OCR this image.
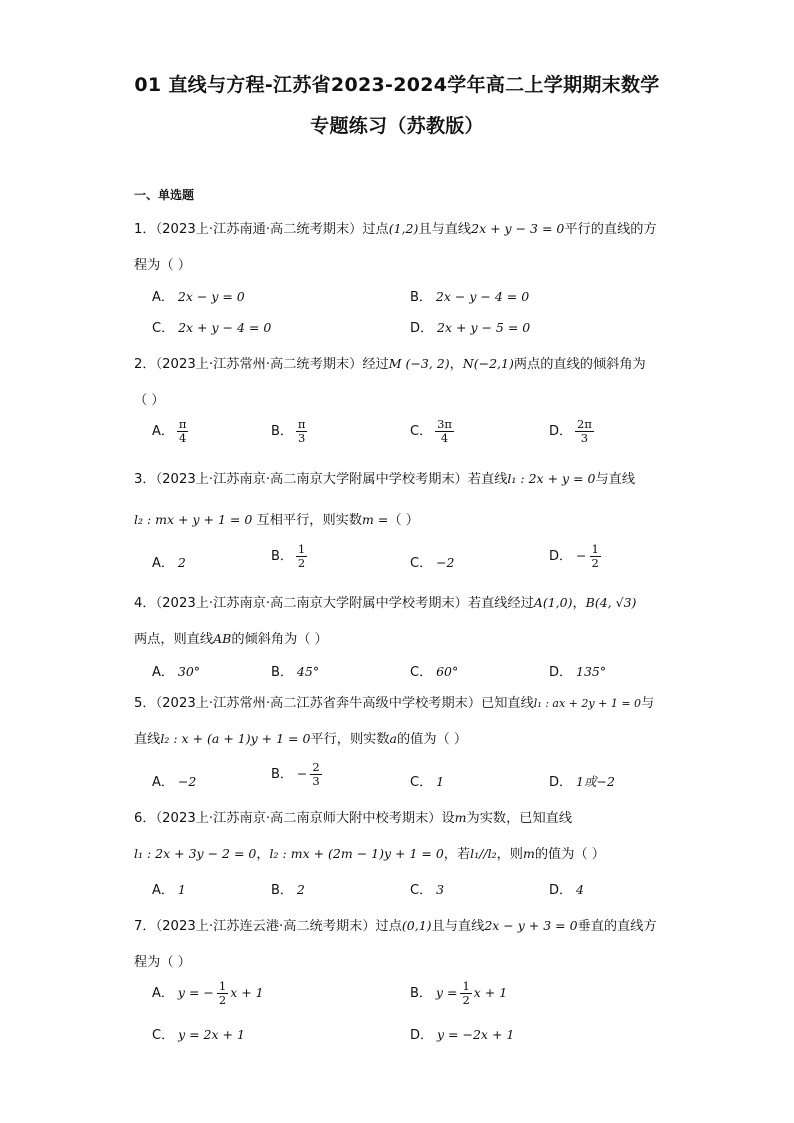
01 直线与方程-江苏省2023-2024学年高二上学期期末数学
专题练习（苏教版）
一、单选题
1．（2023上·江苏南通·高二统考期末）过点(1,2)且与直线2x + y − 3 = 0平行的直线的方
程为（ ）
A． 2x − y = 0	B． 2x − y − 4 = 0
C． 2x + y − 4 = 0	D． 2x + y − 5 = 0
2．（2023上·江苏常州·高二统考期末）经过M (−3, 2)，N(−2,1)两点的直线的倾斜角为
（ ）
A． $\frac{\pi}{4}$	B． $\frac{\pi}{3}$	C． $\frac{3\pi}{4}$	D． $\frac{2\pi}{3}$
3．（2023上·江苏南京·高二南京大学附属中学校考期末）若直线l₁ : 2x + y = 0与直线
l₂ : mx + y + 1 = 0 互相平行，则实数m =（ ）
A． 2	B． $\frac{1}{2}$	C． −2	D． − $\frac{1}{2}$
4．（2023上·江苏南京·高二南京大学附属中学校考期末）若直线经过A(1,0)，B(4, √3)
两点，则直线AB的倾斜角为（ ）
A． 30°	B． 45°	C． 60°	D． 135°
5．（2023上·江苏常州·高二江苏省奔牛高级中学校考期末）已知直线l₁ : ax + 2y + 1 = 0与
直线l₂ : x + (a + 1)y + 1 = 0平行，则实数a的值为（ ）
A． −2	B． − $\frac{2}{3}$	C． 1	D． 1或−2
6．（2023上·江苏南京·高二南京师大附中校考期末）设m为实数，已知直线
l₁ : 2x + 3y − 2 = 0，l₂ : mx + (2m − 1)y + 1 = 0，若l₁//l₂，则m的值为（ ）
A． 1	B． 2	C． 3	D． 4
7．（2023上·江苏连云港·高二统考期末）过点(0,1)且与直线2x − y + 3 = 0垂直的直线方
程为（ ）
A． y = − $\frac{1}{2}$ x + 1	B． $y = \frac{1}{2}$ x + 1
C． y = 2x + 1	D． y = −2x + 1
